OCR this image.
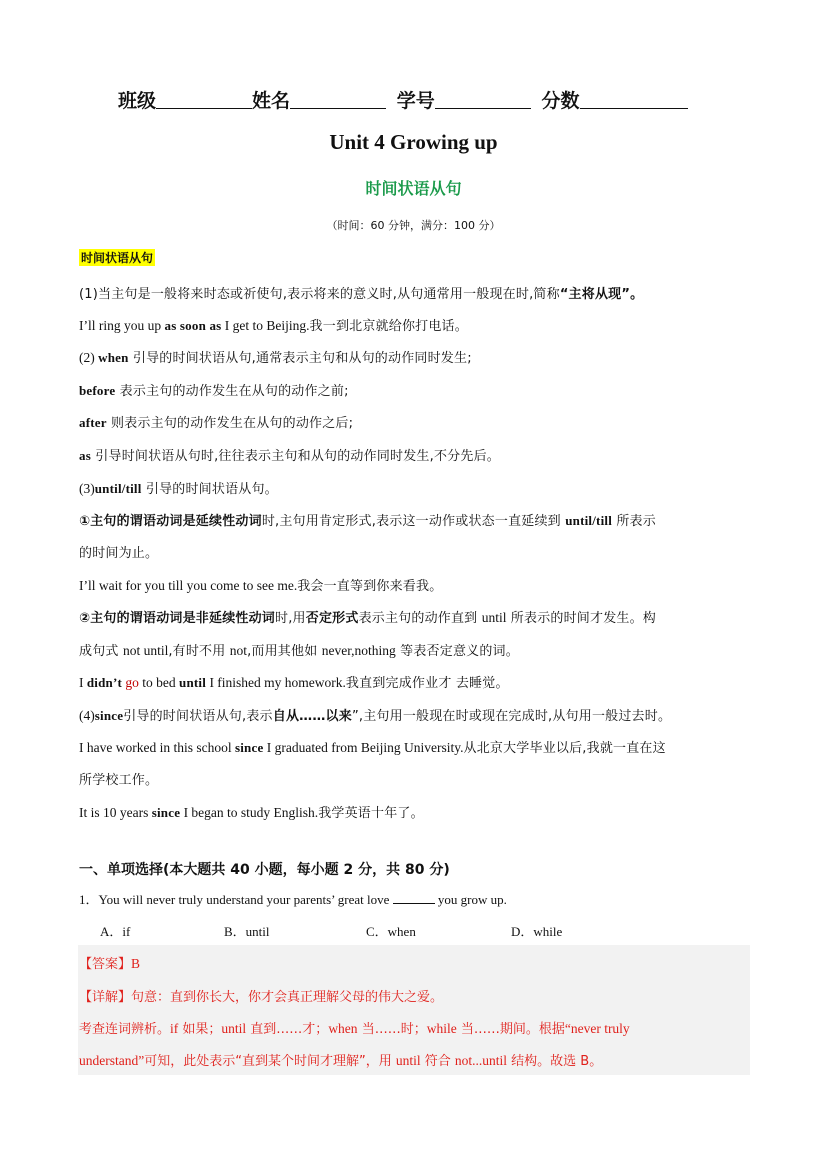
班级	姓名	学号	分数
Unit 4 Growing up
时间状语从句
（时间：60 分钟，满分：100 分）
时间状语从句
(1)当主句是一般将来时态或祈使句,表示将来的意义时,从句通常用一般现在时,简称“主将从现”。
I’ll ring you up as soon as I get to Beijing.我一到北京就给你打电话。
(2) when 引导的时间状语从句,通常表示主句和从句的动作同时发生;
before 表示主句的动作发生在从句的动作之前;
after 则表示主句的动作发生在从句的动作之后;
as 引导时间状语从句时,往往表示主句和从句的动作同时发生,不分先后。
(3)until/till 引导的时间状语从句。
①主句的谓语动词是延续性动词时,主句用肯定形式,表示这一动作或状态一直延续到 until/till 所表示
的时间为止。
I’ll wait for you till you come to see me.我会一直等到你来看我。
②主句的谓语动词是非延续性动词时,用否定形式表示主句的动作直到 until 所表示的时间才发生。构
成句式 not until,有时不用 not,而用其他如 never,nothing 等表否定意义的词。
I didn’t go to bed until I finished my homework.我直到完成作业才 去睡觉。
(4)since引导的时间状语从句,表示自从……以来”,主句用一般现在时或现在完成时,从句用一般过去时。
I have worked in this school since I graduated from Beijing University.从北京大学毕业以后,我就一直在这
所学校工作。
It is 10 years since I began to study English.我学英语十年了。
一、单项选择(本大题共 40 小题，每小题 2 分，共 80 分)
1．You will never truly understand your parents’ great love	you grow up.
A．if	B．until	C．when	D．while
【答案】B
【详解】句意：直到你长大，你才会真正理解父母的伟大之爱。
考查连词辨析。if 如果；until 直到……才；when 当……时；while 当……期间。根据“never truly
understand”可知，此处表示“直到某个时间才理解”，用 until 符合 not...until 结构。故选 B。
